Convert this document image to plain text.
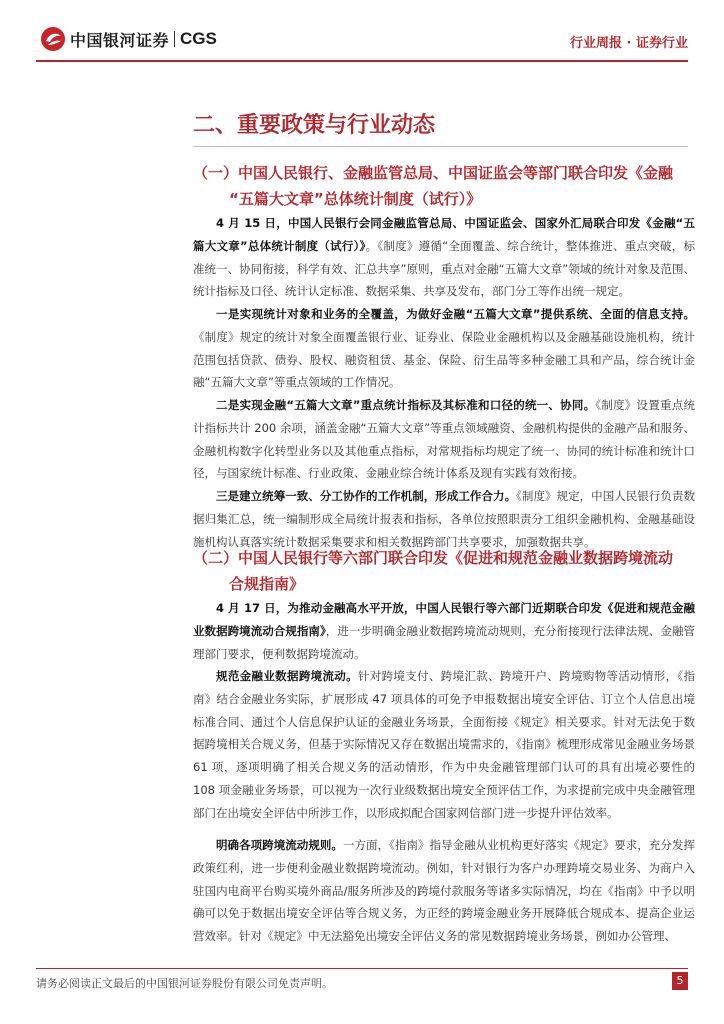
中国银河证券 CGS	行业周报 · 证券行业
二、重要政策与行业动态
（一）中国人民银行、金融监管总局、中国证监会等部门联合印发《金融
“五篇大文章”总体统计制度（试行）》
4 月 15 日，中国人民银行会同金融监管总局、中国证监会、国家外汇局联合印发《金融“五篇大文章”总体统计制度（试行）》。《制度》遵循“全面覆盖、综合统计，整体推进、重点突破，标准统一、协同衔接，科学有效、汇总共享”原则，重点对金融“五篇大文章”领域的统计对象及范围、统计指标及口径、统计认定标准、数据采集、共享及发布，部门分工等作出统一规定。
一是实现统计对象和业务的全覆盖，为做好金融“五篇大文章”提供系统、全面的信息支持。《制度》规定的统计对象全面覆盖银行业、证券业、保险业金融机构以及金融基础设施机构，统计范围包括贷款、债券、股权、融资租赁、基金、保险、衍生品等多种金融工具和产品，综合统计金融“五篇大文章”等重点领域的工作情况。
二是实现金融“五篇大文章”重点统计指标及其标准和口径的统一、协同。《制度》设置重点统计指标共计 200 余项，涵盖金融“五篇大文章”等重点领域融资、金融机构提供的金融产品和服务、金融机构数字化转型业务以及其他重点指标，对常规指标均规定了统一、协同的统计标准和统计口径，与国家统计标准、行业政策、金融业综合统计体系及现有实践有效衔接。
三是建立统筹一致、分工协作的工作机制，形成工作合力。《制度》规定，中国人民银行负责数据归集汇总，统一编制形成全局统计报表和指标，各单位按照职责分工组织金融机构、金融基础设施机构认真落实统计数据采集要求和相关数据跨部门共享要求，加强数据共享。
（二）中国人民银行等六部门联合印发《促进和规范金融业数据跨境流动
合规指南》
4 月 17 日，为推动金融高水平开放，中国人民银行等六部门近期联合印发《促进和规范金融业数据跨境流动合规指南》，进一步明确金融业数据跨境流动规则，充分衔接现行法律法规、金融管理部门要求，便利数据跨境流动。
规范金融业数据跨境流动。针对跨境支付、跨境汇款、跨境开户、跨境购物等活动情形，《指南》结合金融业务实际，扩展形成 47 项具体的可免予申报数据出境安全评估、订立个人信息出境标准合同、通过个人信息保护认证的金融业务场景，全面衔接《规定》相关要求。针对无法免于数据跨境相关合规义务，但基于实际情况又存在数据出境需求的，《指南》梳理形成常见金融业务场景 61 项，逐项明确了相关合规义务的活动情形，作为中央金融管理部门认可的具有出境必要性的 108 项金融业务场景，可以视为一次行业级数据出境安全预评估工作，为求提前完成中央金融管理部门在出境安全评估中所涉工作，以形成拟配合国家网信部门进一步提升评估效率。
明确各项跨境流动规则。一方面，《指南》指导金融从业机构更好落实《规定》要求，充分发挥政策红利，进一步便利金融业数据跨境流动。例如，针对银行为客户办理跨境交易业务、为商户入驻国内电商平台购买境外商品/服务所涉及的跨境付款服务等诸多实际情况，均在《指南》中予以明确可以免于数据出境安全评估等合规义务，为正经的跨境金融业务开展降低合规成本、提高企业运营效率。针对《规定》中无法豁免出境安全评估义务的常见数据跨境业务场景，例如办公管理、
请务必阅读正文最后的中国银河证券股份有限公司免责声明。	5
